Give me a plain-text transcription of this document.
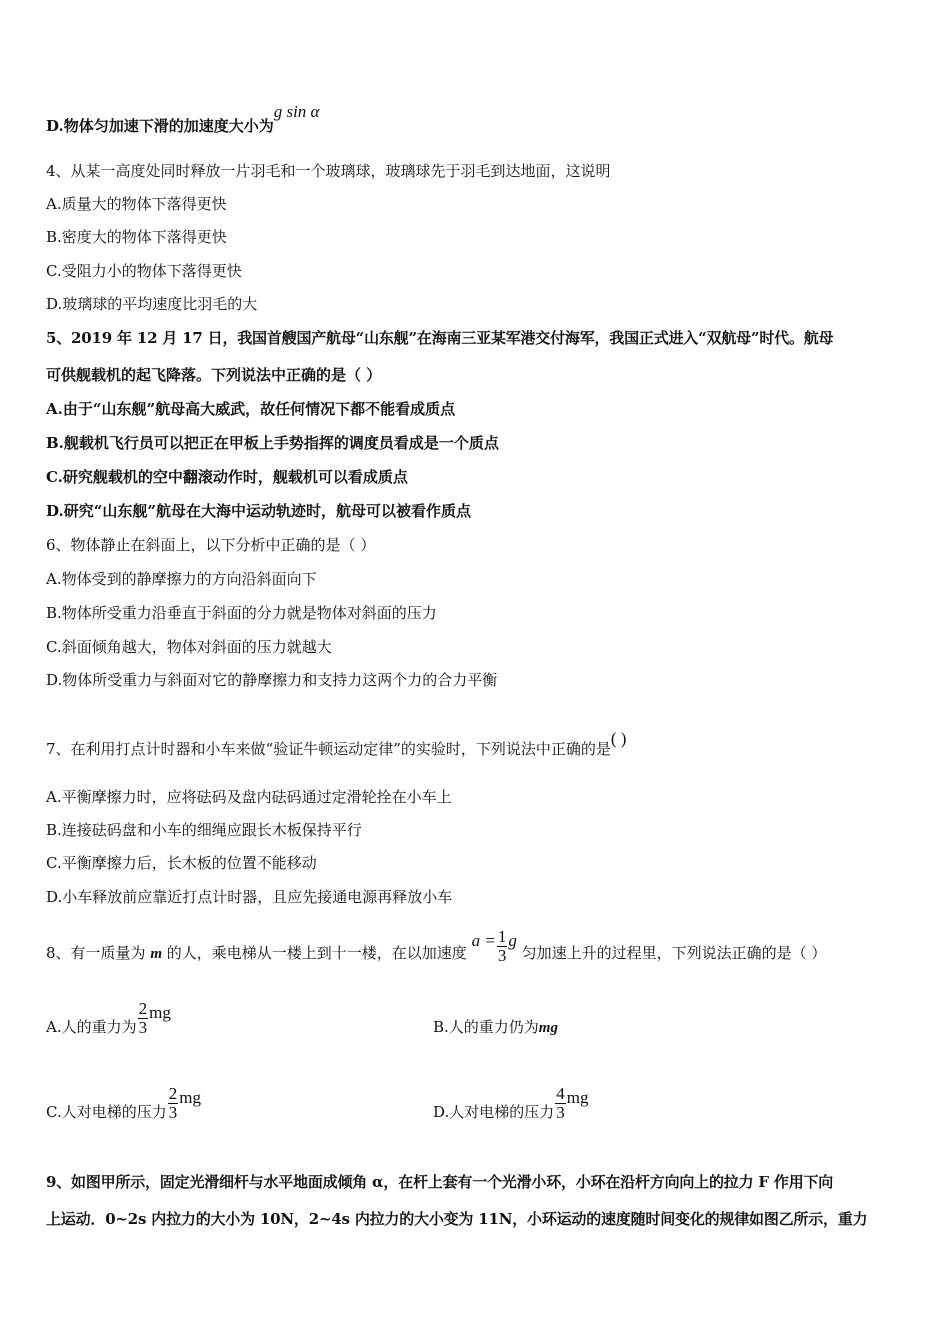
D.物体匀加速下滑的加速度大小为g sin α
4、从某一高度处同时释放一片羽毛和一个玻璃球，玻璃球先于羽毛到达地面，这说明
A.质量大的物体下落得更快
B.密度大的物体下落得更快
C.受阻力小的物体下落得更快
D.玻璃球的平均速度比羽毛的大
5、2019 年 12 月 17 日，我国首艘国产航母“山东舰”在海南三亚某军港交付海军，我国正式进入“双航母”时代。航母
可供舰载机的起飞降落。下列说法中正确的是（ ）
A.由于“山东舰”航母高大威武，故任何情况下都不能看成质点
B.舰载机飞行员可以把正在甲板上手势指挥的调度员看成是一个质点
C.研究舰载机的空中翻滚动作时，舰载机可以看成质点
D.研究“山东舰”航母在大海中运动轨迹时，航母可以被看作质点
6、物体静止在斜面上，以下分析中正确的是（ ）
A.物体受到的静摩擦力的方向沿斜面向下
B.物体所受重力沿垂直于斜面的分力就是物体对斜面的压力
C.斜面倾角越大，物体对斜面的压力就越大
D.物体所受重力与斜面对它的静摩擦力和支持力这两个力的合力平衡
7、在利用打点计时器和小车来做“验证牛顿运动定律”的实验时，下列说法中正确的是( )
A.平衡摩擦力时，应将砝码及盘内砝码通过定滑轮拴在小车上
B.连接砝码盘和小车的细绳应跟长木板保持平行
C.平衡摩擦力后，长木板的位置不能移动
D.小车释放前应靠近打点计时器，且应先接通电源再释放小车
8、有一质量为 m 的人，乘电梯从一楼上到十一楼，在以加速度 $a = \frac{1}{3}$ g 匀加速上升的过程里，下列说法正确的是（ ）
A.人的重力为 $\frac{2}{3}$ mg
B.人的重力仍为mg
C.人对电梯的压力 $\frac{2}{3}$ mg
D.人对电梯的压力 $\frac{4}{3}$ mg
9、如图甲所示，固定光滑细杆与水平地面成倾角 α，在杆上套有一个光滑小环，小环在沿杆方向向上的拉力 F 作用下向
上运动．0~2s 内拉力的大小为 10N，2~4s 内拉力的大小变为 11N，小环运动的速度随时间变化的规律如图乙所示，重力
